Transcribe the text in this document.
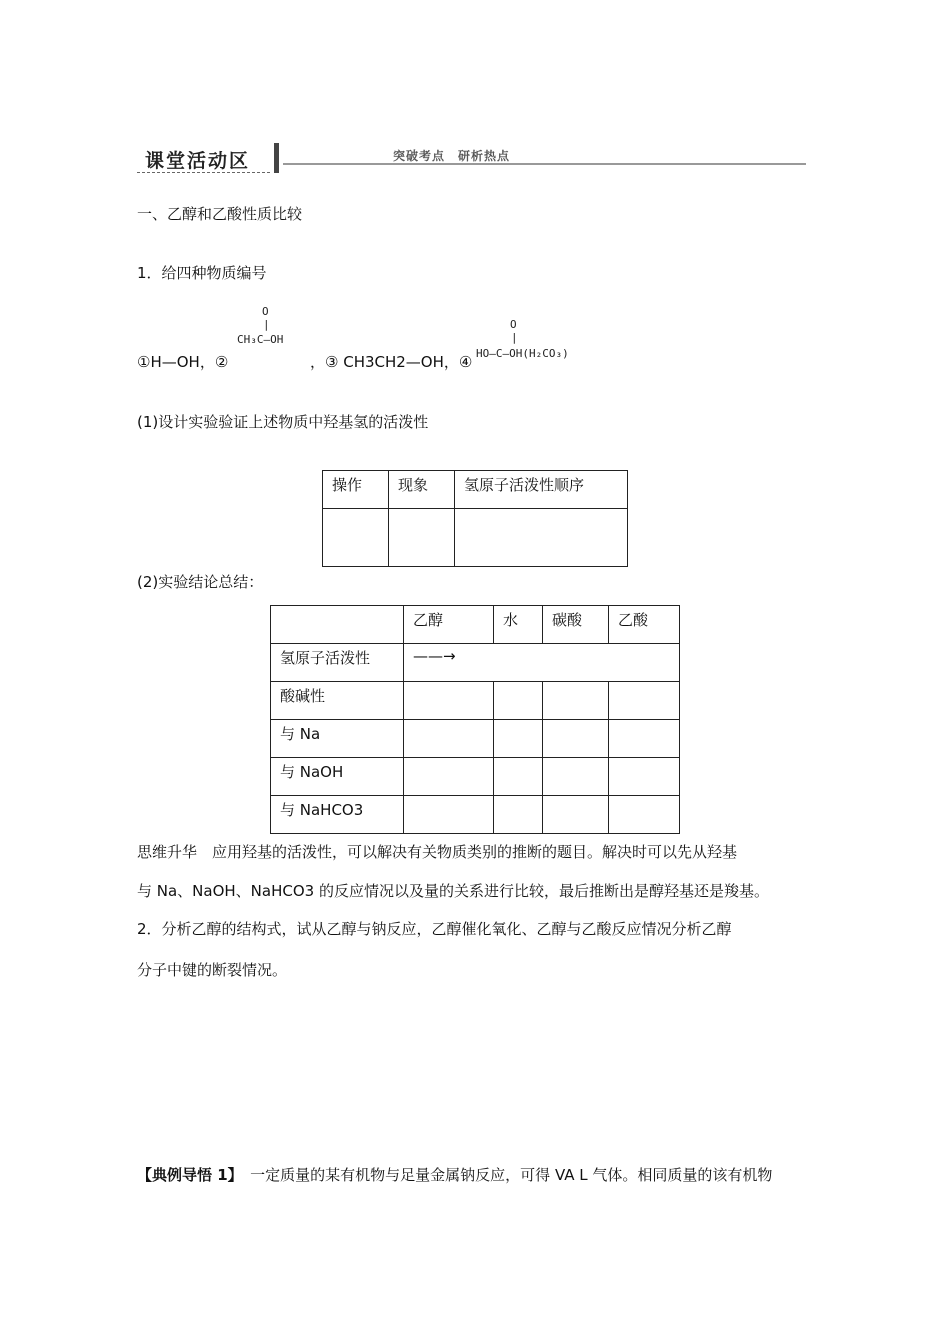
课堂活动区	突破考点　研析热点
一、乙醇和乙酸性质比较
1．给四种物质编号
①H—OH，②
O
|
CH₃C—OH
，③ CH3CH2—OH，④
O
|
HO—C—OH(H₂CO₃)
(1)设计实验验证上述物质中羟基氢的活泼性
操作	现象	氢原子活泼性顺序

(2)实验结论总结：
	乙醇	水	碳酸	乙酸
氢原子活泼性	——→			
酸碱性				
与 Na				
与 NaOH				
与 NaHCO3				
思维升华　应用羟基的活泼性，可以解决有关物质类别的推断的题目。解决时可以先从羟基
与 Na、NaOH、NaHCO3 的反应情况以及量的关系进行比较，最后推断出是醇羟基还是羧基。
2．分析乙醇的结构式，试从乙醇与钠反应，乙醇催化氧化、乙醇与乙酸反应情况分析乙醇
分子中键的断裂情况。
【典例导悟 1】　一定质量的某有机物与足量金属钠反应，可得 VA L 气体。相同质量的该有机物
